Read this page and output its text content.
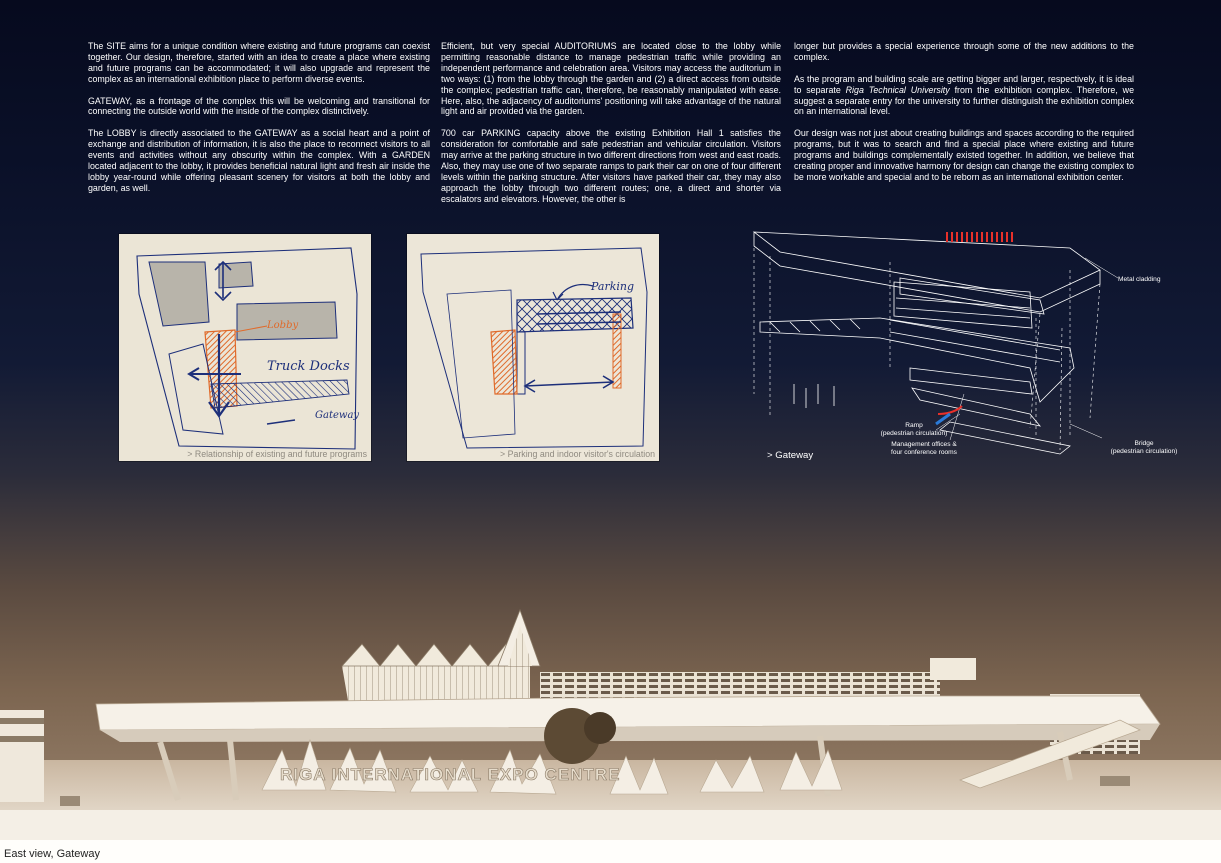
The SITE aims for a unique condition where existing and future programs can coexist together. Our design, therefore, started with an idea to create a place where existing and future programs can be accommodated; it will also upgrade and represent the complex as an international exhibition place to perform diverse events.

GATEWAY, as a frontage of the complex this will be welcoming and transitional for connecting the outside world with the inside of the complex distinctively.

The LOBBY is directly associated to the GATEWAY as a social heart and a point of exchange and distribution of information, it is also the place to reconnect visitors to all events and activities without any obscurity within the complex. With a GARDEN located adjacent to the lobby, it provides beneficial natural light and fresh air inside the lobby year-round while offering pleasant scenery for visitors at both the lobby and garden, as well.

Efficient, but very special AUDITORIUMS are located close to the lobby while permitting reasonable distance to manage pedestrian traffic while providing an independent performance and celebration area. Visitors may access the auditorium in two ways: (1) from the lobby through the garden and (2) a direct access from outside the complex; pedestrian traffic can, therefore, be reasonably manipulated with ease. Here, also, the adjacency of auditoriums' positioning will take advantage of the natural light and air provided via the garden.

700 car PARKING capacity above the existing Exhibition Hall 1 satisfies the consideration for comfortable and safe pedestrian and vehicular circulation. Visitors may arrive at the parking structure in two different directions from west and east roads. Also, they may use one of two separate ramps to park their car on one of four different levels within the parking structure. After visitors have parked their car, they may also approach the lobby through two different routes; one, a direct and shorter via escalators and elevators. However, the other is

longer but provides a special experience through some of the new additions to the complex.

As the program and building scale are getting bigger and larger, respectively, it is ideal to separate Riga Technical University from the exhibition complex. Therefore, we suggest a separate entry for the university to further distinguish the exhibition complex on an international level.

Our design was not just about creating buildings and spaces according to the required programs, but it was to search and find a special place where existing and future programs and buildings complementally existed together. In addition, we believe that creating proper and innovative harmony for design can change the existing complex to be more workable and special and to be reborn as an international exhibition center.

Lobby
Truck Docks
Gateway
> Relationship of existing and future programs
Parking
> Parking and indoor visitor's circulation
Metal cladding
Ramp
(pedestrian circulation)
Management offices &
four conference rooms
Bridge
(pedestrian circulation)
> Gateway
RIGA INTERNATIONAL EXPO CENTRE
East view, Gateway
